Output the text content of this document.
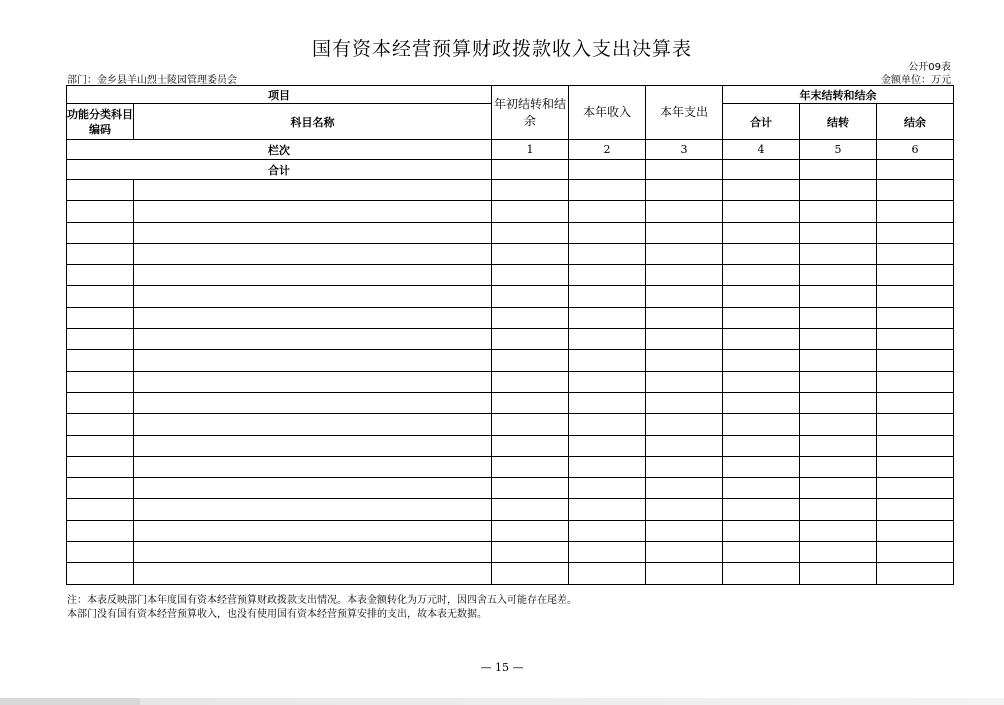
国有资本经营预算财政拨款收入支出决算表
公开09表
部门：金乡县羊山烈士陵园管理委员会	金额单位：万元
项目		年初结转和结余	本年收入	本年支出	年末结转和结余		
功能分类科目编码	科目名称				合计	结转	结余
栏次		1	2	3	4	5	6
合计							

注：本表反映部门本年度国有资本经营预算财政拨款支出情况。本表金额转化为万元时，因四舍五入可能存在尾差。
本部门没有国有资本经营预算收入，也没有使用国有资本经营预算安排的支出，故本表无数据。
— 15 —
